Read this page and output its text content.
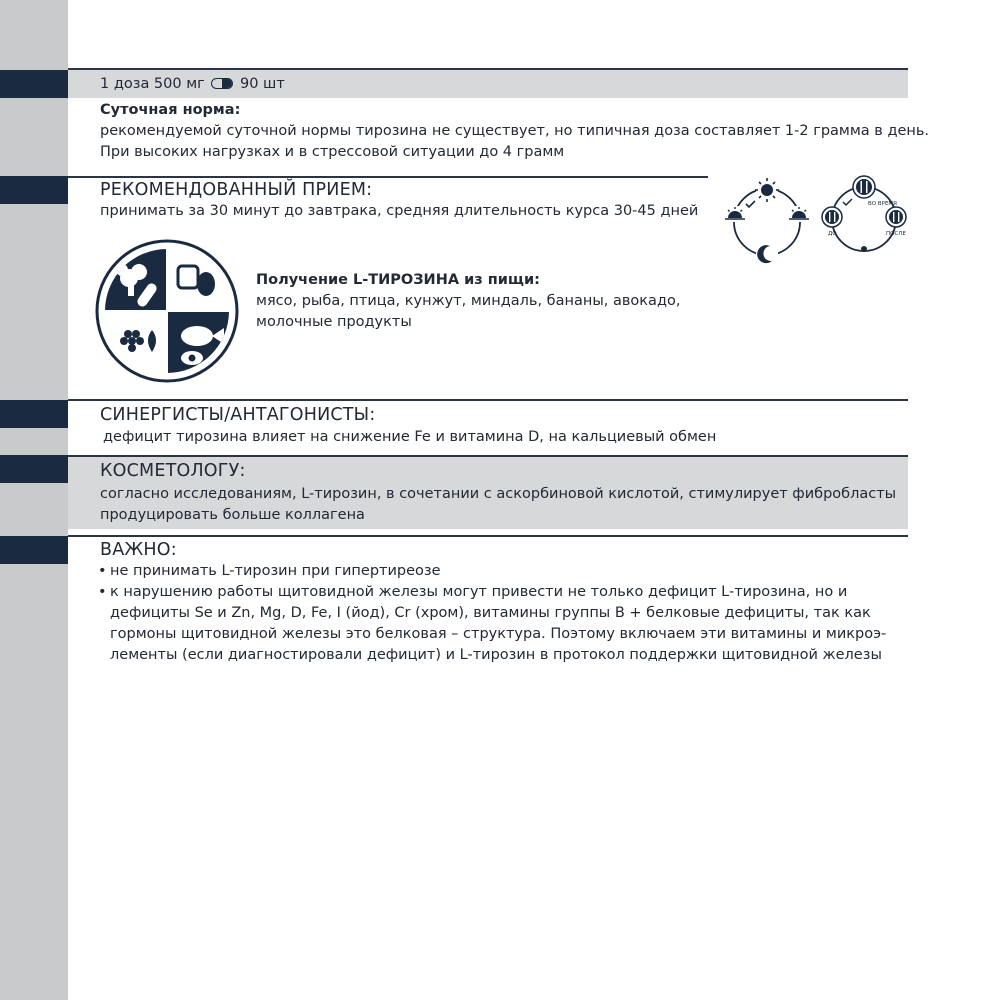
1 доза 500 мг 90 шт
Суточная норма:
рекомендуемой суточной нормы тирозина не существует, но типичная доза составляет 1-2 грамма в день.
При высоких нагрузках и в стрессовой ситуации до 4 грамм
РЕКОМЕНДОВАННЫЙ ПРИЕМ:
принимать за 30 минут до завтрака, средняя длительность курса 30-45 дней	ВО ВРЕМЯ
ДО	ПОСЛЕ
Получение L-ТИРОЗИНА из пищи:
мясо, рыба, птица, кунжут, миндаль, бананы, авокадо,
молочные продукты
СИНЕРГИСТЫ/АНТАГОНИСТЫ:
дефицит тирозина влияет на снижение Fe и витамина D, на кальциевый обмен
КОСМЕТОЛОГУ:
согласно исследованиям, L-тирозин, в сочетании с аскорбиновой кислотой, стимулирует фибробласты
продуцировать больше коллагена
ВАЖНО:
• не принимать L-тирозин при гипертиреозе
• к нарушению работы щитовидной железы могут привести не только дефицит L-тирозина, но и
дефициты Se и Zn, Mg, D, Fe, I (йод), Cr (хром), витамины группы В + белковые дефициты, так как
гормоны щитовидной железы это белковая – структура. Поэтому включаем эти витамины и микроэ-
лементы (если диагностировали дефицит) и L-тирозин в протокол поддержки щитовидной железы
